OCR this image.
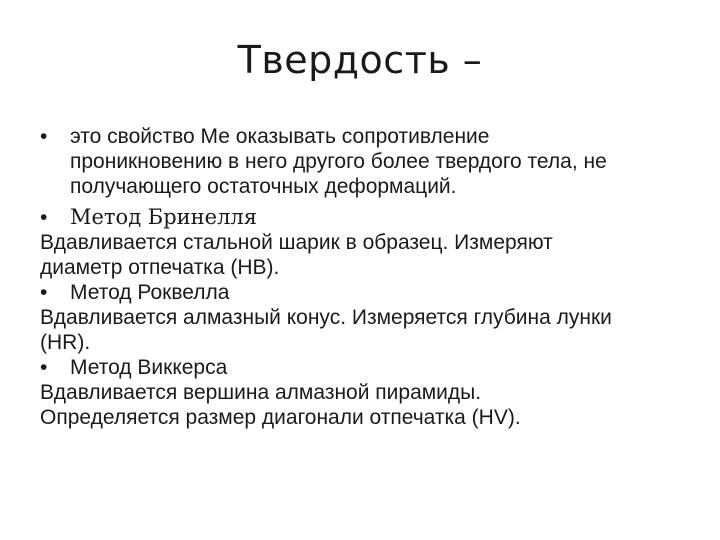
Твердость –
•	это свойство Ме оказывать сопротивление
проникновению в него другого более твердого тела, не
получающего остаточных деформаций.
•	Метод Бринелля
Вдавливается стальной шарик в образец. Измеряют
диаметр отпечатка (HB).
•	Метод Роквелла
Вдавливается алмазный конус. Измеряется глубина лунки
(HR).
•	Метод Виккерса
Вдавливается вершина алмазной пирамиды.
Определяется размер диагонали отпечатка (HV).
